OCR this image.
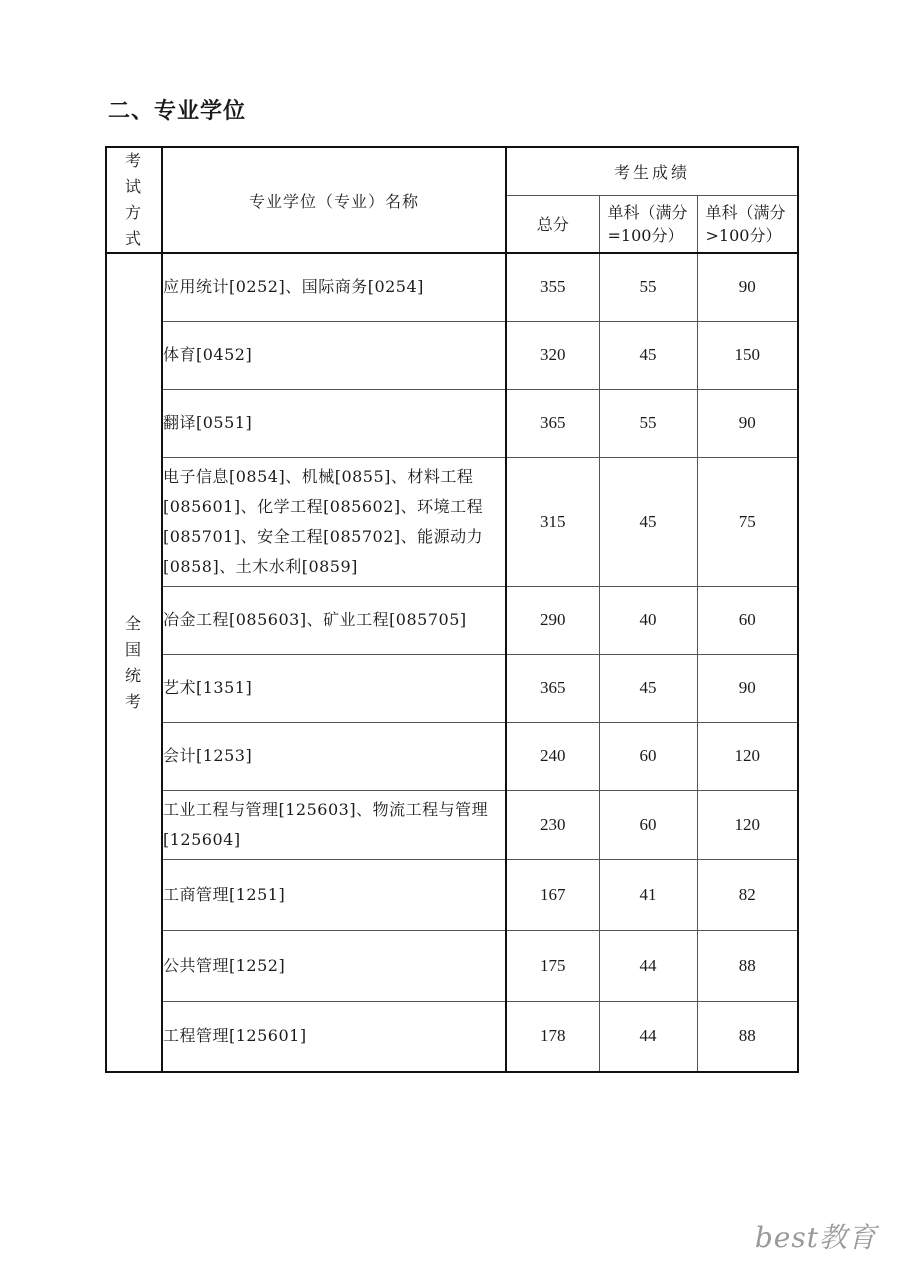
二、专业学位
考试方式	专业学位（专业）名称	考生成绩		
		总分	单科（满分=100分）	单科（满分>100分）

全国统考	应用统计[0252]、国际商务[0254]	355	55	90
	体育[0452]	320	45	150
	翻译[0551]	365	55	90
	电子信息[0854]、机械[0855]、材料工程[085601]、化学工程[085602]、环境工程[085701]、安全工程[085702]、能源动力[0858]、土木水利[0859]	315	45	75
	冶金工程[085603]、矿业工程[085705]	290	40	60
	艺术[1351]	365	45	90
	会计[1253]	240	60	120
	工业工程与管理[125603]、物流工程与管理[125604]	230	60	120
	工商管理[1251]	167	41	82
	公共管理[1252]	175	44	88
	工程管理[125601]	178	44	88
best教育
